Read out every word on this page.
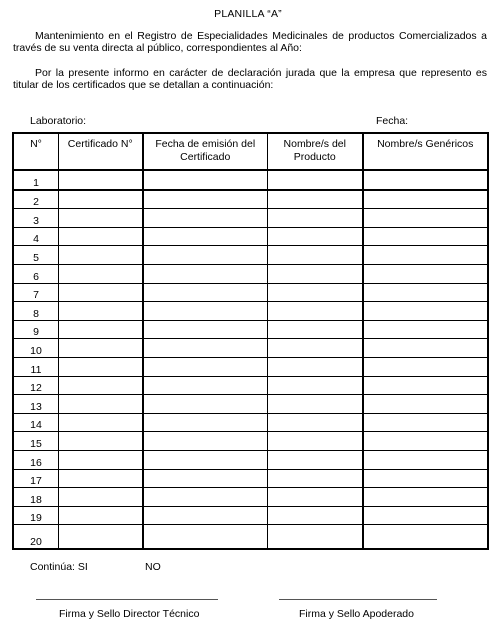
PLANILLA “A”
Mantenimiento en el Registro de Especialidades Medicinales de productos Comercializados a través de su venta directa al público, correspondientes al Año:
Por la presente informo en carácter de declaración jurada que la empresa que represento es titular de los certificados que se detallan a continuación:
Laboratorio:	Fecha:
N°	Certificado N°	Fecha de emisión del Certificado	Nombre/s del Producto	Nombre/s Genéricos
1				
2				
3				
4				
5				
6				
7				
8				
9				
10				
11				
12				
13				
14				
15				
16				
17				
18				
19				
20				
Continúa: SI	NO
Firma y Sello Director Técnico	Firma y Sello Apoderado
